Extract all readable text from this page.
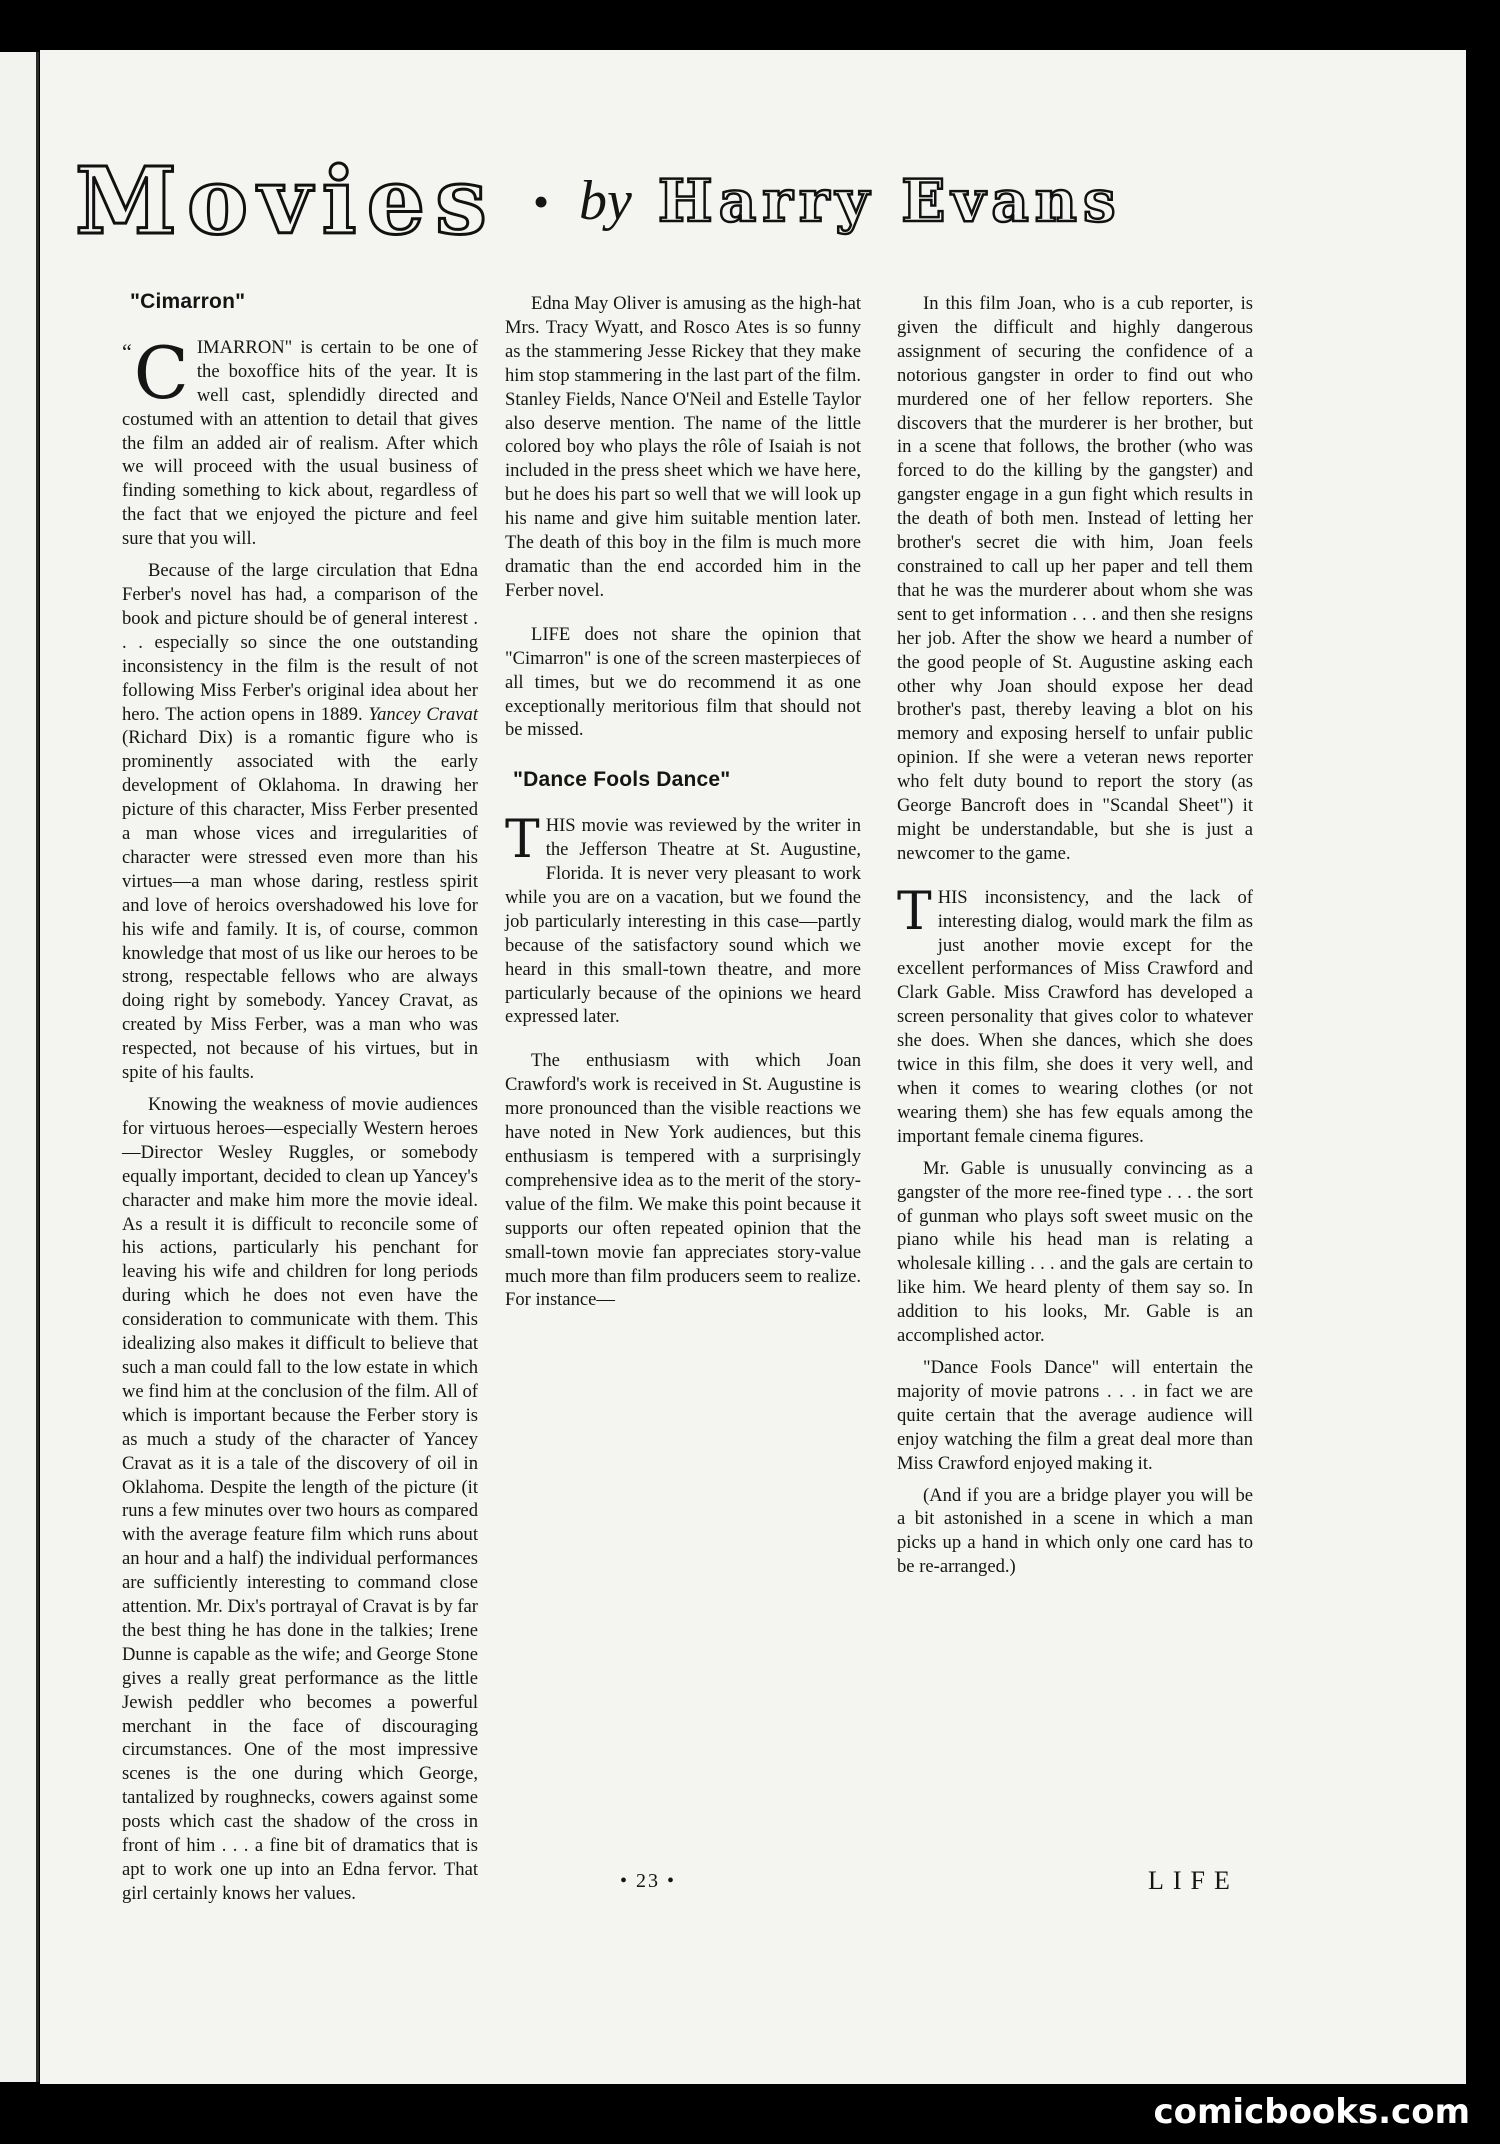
Movies • by Harry Evans
"Cimarron"

“ C IMARRON" is certain to be one of the boxoffice hits of the year. It is well cast, splendidly directed and costumed with an attention to detail that gives the film an added air of realism. After which we will proceed with the usual business of finding something to kick about, regardless of the fact that we enjoyed the picture and feel sure that you will.

Because of the large circulation that Edna Ferber's novel has had, a comparison of the book and picture should be of general interest . . . especially so since the one outstanding inconsistency in the film is the result of not following Miss Ferber's original idea about her hero. The action opens in 1889. Yancey Cravat (Richard Dix) is a romantic figure who is prominently associated with the early development of Oklahoma. In drawing her picture of this character, Miss Ferber presented a man whose vices and irregularities of character were stressed even more than his virtues—a man whose daring, restless spirit and love of heroics overshadowed his love for his wife and family. It is, of course, common knowledge that most of us like our heroes to be strong, respectable fellows who are always doing right by somebody. Yancey Cravat, as created by Miss Ferber, was a man who was respected, not because of his virtues, but in spite of his faults.

Knowing the weakness of movie audiences for virtuous heroes—especially Western heroes—Director Wesley Ruggles, or somebody equally important, decided to clean up Yancey's character and make him more the movie ideal. As a result it is difficult to reconcile some of his actions, particularly his penchant for leaving his wife and children for long periods during which he does not even have the consideration to communicate with them. This idealizing also makes it difficult to believe that such a man could fall to the low estate in which we find him at the conclusion of the film. All of which is important because the Ferber story is as much a study of the character of Yancey Cravat as it is a tale of the discovery of oil in Oklahoma. Despite the length of the picture (it runs a few minutes over two hours as compared with the average feature film which runs about an hour and a half) the individual performances are sufficiently interesting to command close attention. Mr. Dix's portrayal of Cravat is by far the best thing he has done in the talkies; Irene Dunne is capable as the wife; and George Stone gives a really great performance as the little Jewish peddler who becomes a powerful merchant in the face of discouraging circumstances. One of the most impressive scenes is the one during which George, tantalized by roughnecks, cowers against some posts which cast the shadow of the cross in front of him . . . a fine bit of dramatics that is apt to work one up into an Edna fervor. That girl certainly knows her values.

Edna May Oliver is amusing as the high-hat Mrs. Tracy Wyatt, and Rosco Ates is so funny as the stammering Jesse Rickey that they make him stop stammering in the last part of the film. Stanley Fields, Nance O'Neil and Estelle Taylor also deserve mention. The name of the little colored boy who plays the rôle of Isaiah is not included in the press sheet which we have here, but he does his part so well that we will look up his name and give him suitable mention later. The death of this boy in the film is much more dramatic than the end accorded him in the Ferber novel.

LIFE does not share the opinion that "Cimarron" is one of the screen masterpieces of all times, but we do recommend it as one exceptionally meritorious film that should not be missed.

"Dance Fools Dance"

T HIS movie was reviewed by the writer in the Jefferson Theatre at St. Augustine, Florida. It is never very pleasant to work while you are on a vacation, but we found the job particularly interesting in this case—partly because of the satisfactory sound which we heard in this small-town theatre, and more particularly because of the opinions we heard expressed later.

The enthusiasm with which Joan Crawford's work is received in St. Augustine is more pronounced than the visible reactions we have noted in New York audiences, but this enthusiasm is tempered with a surprisingly comprehensive idea as to the merit of the story-value of the film. We make this point because it supports our often repeated opinion that the small-town movie fan appreciates story-value much more than film producers seem to realize. For instance—

In this film Joan, who is a cub reporter, is given the difficult and highly dangerous assignment of securing the confidence of a notorious gangster in order to find out who murdered one of her fellow reporters. She discovers that the murderer is her brother, but in a scene that follows, the brother (who was forced to do the killing by the gangster) and gangster engage in a gun fight which results in the death of both men. Instead of letting her brother's secret die with him, Joan feels constrained to call up her paper and tell them that he was the murderer about whom she was sent to get information . . . and then she resigns her job. After the show we heard a number of the good people of St. Augustine asking each other why Joan should expose her dead brother's past, thereby leaving a blot on his memory and exposing herself to unfair public opinion. If she were a veteran news reporter who felt duty bound to report the story (as George Bancroft does in "Scandal Sheet") it might be understandable, but she is just a newcomer to the game.

T HIS inconsistency, and the lack of interesting dialog, would mark the film as just another movie except for the excellent performances of Miss Crawford and Clark Gable. Miss Crawford has developed a screen personality that gives color to whatever she does. When she dances, which she does twice in this film, she does it very well, and when it comes to wearing clothes (or not wearing them) she has few equals among the important female cinema figures.

Mr. Gable is unusually convincing as a gangster of the more ree-fined type . . . the sort of gunman who plays soft sweet music on the piano while his head man is relating a wholesale killing . . . and the gals are certain to like him. We heard plenty of them say so. In addition to his looks, Mr. Gable is an accomplished actor.

"Dance Fools Dance" will entertain the majority of movie patrons . . . in fact we are quite certain that the average audience will enjoy watching the film a great deal more than Miss Crawford enjoyed making it.

(And if you are a bridge player you will be a bit astonished in a scene in which a man picks up a hand in which only one card has to be re-arranged.)

• 23 •	LIFE
comicbooks.com
